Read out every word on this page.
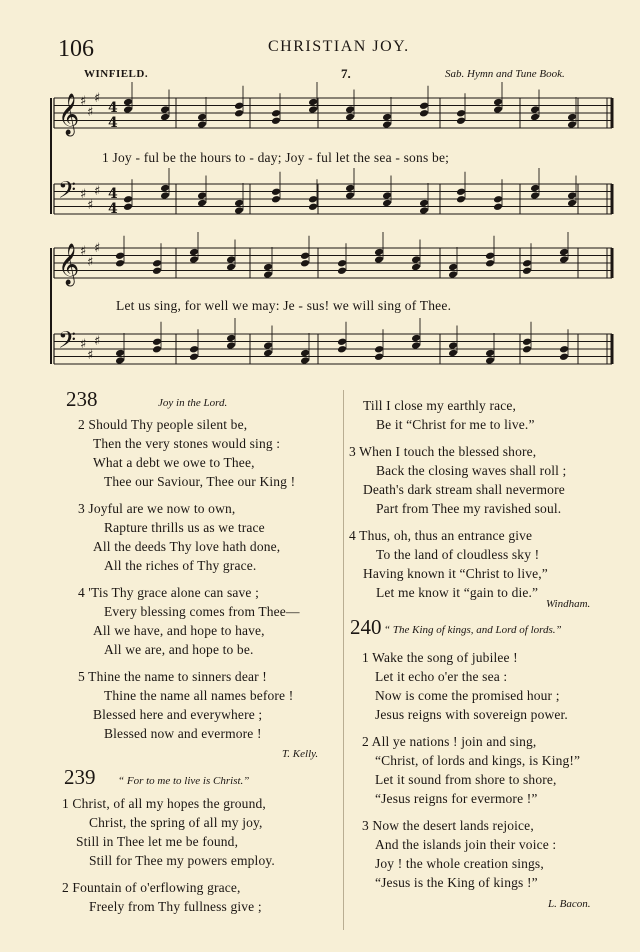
106	CHRISTIAN JOY.
WINFIELD.	7.	Sab. Hymn and Tune Book.
𝄞 ♯
♯
♯
4
4
𝄢 ♯
♯
♯ 4
4
𝄞 ♯
♯
♯
𝄢 ♯
♯
♯
1 Joy - ful be the hours to - day; Joy - ful let the sea - sons be;
Let us sing, for well we may: Je - sus! we will sing of Thee.
238	Joy in the Lord.
2 Should Thy people silent be,
Then the very stones would sing :
What a debt we owe to Thee,
Thee our Saviour, Thee our King !
3 Joyful are we now to own,
Rapture thrills us as we trace
All the deeds Thy love hath done,
All the riches of Thy grace.
4 'Tis Thy grace alone can save ;
Every blessing comes from Thee—
All we have, and hope to have,
All we are, and hope to be.
5 Thine the name to sinners dear !
Thine the name all names before !
Blessed here and everywhere ;
Blessed now and evermore !
T. Kelly.
239 “ For to me to live is Christ.”
1 Christ, of all my hopes the ground,
Christ, the spring of all my joy,
Still in Thee let me be found,
Still for Thee my powers employ.
2 Fountain of o'erflowing grace,
Freely from Thy fullness give ;
Till I close my earthly race,
Be it “Christ for me to live.”
3 When I touch the blessed shore,
Back the closing waves shall roll ;
Death's dark stream shall nevermore
Part from Thee my ravished soul.
4 Thus, oh, thus an entrance give
To the land of cloudless sky !
Having known it “Christ to live,”
Let me know it “gain to die.”
Windham.
240 “ The King of kings, and Lord of lords.”
1 Wake the song of jubilee !
Let it echo o'er the sea :
Now is come the promised hour ;
Jesus reigns with sovereign power.
2 All ye nations ! join and sing,
“Christ, of lords and kings, is King!”
Let it sound from shore to shore,
“Jesus reigns for evermore !”
3 Now the desert lands rejoice,
And the islands join their voice :
Joy ! the whole creation sings,
“Jesus is the King of kings !”
L. Bacon.
